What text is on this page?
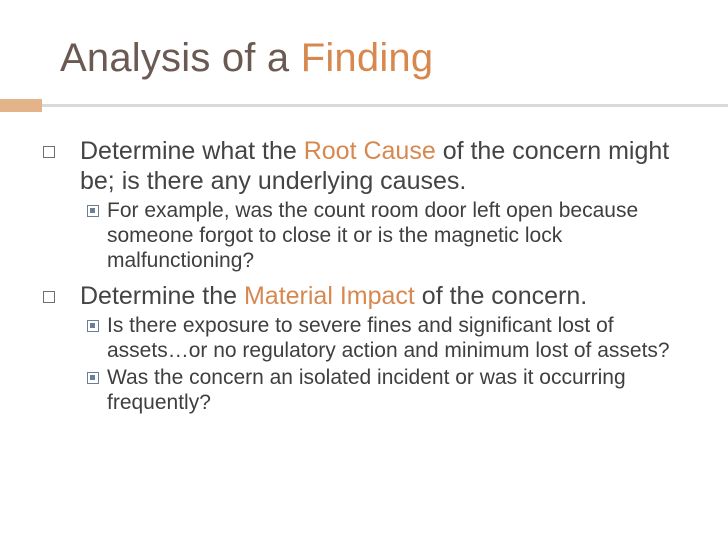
Analysis of a Finding
Determine what the Root Cause of the concern might be; is there any underlying causes.
For example, was the count room door left open because someone forgot to close it or is the magnetic lock malfunctioning?
Determine the Material Impact of the concern.
Is there exposure to severe fines and significant lost of assets…or no regulatory action and minimum lost of assets?
Was the concern an isolated incident or was it occurring frequently?
